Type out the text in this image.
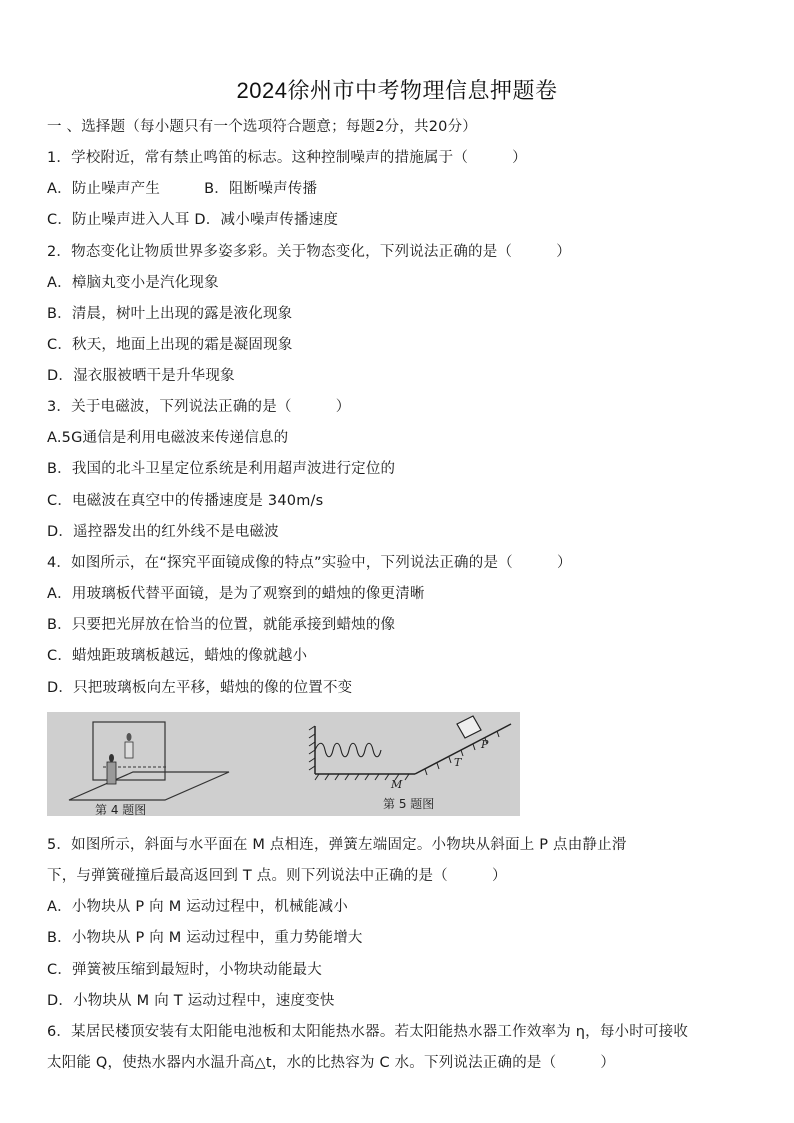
2024徐州市中考物理信息押题卷
一 、选择题（每小题只有一个选项符合题意；每题2分，共20分）
1．学校附近，常有禁止鸣笛的标志。这种控制噪声的措施属于（　　　）
A．防止噪声产生　　　B．阻断噪声传播
C．防止噪声进入人耳 D．减小噪声传播速度
2．物态变化让物质世界多姿多彩。关于物态变化，下列说法正确的是（　　　）
A．樟脑丸变小是汽化现象
B．清晨，树叶上出现的露是液化现象
C．秋天，地面上出现的霜是凝固现象
D．湿衣服被晒干是升华现象
3．关于电磁波，下列说法正确的是（　　　）
A.5G通信是利用电磁波来传递信息的
B．我国的北斗卫星定位系统是利用超声波进行定位的
C．电磁波在真空中的传播速度是 340m/s
D．遥控器发出的红外线不是电磁波
4．如图所示，在“探究平面镜成像的特点”实验中，下列说法正确的是（　　　）
A．用玻璃板代替平面镜，是为了观察到的蜡烛的像更清晰
B．只要把光屏放在恰当的位置，就能承接到蜡烛的像
C．蜡烛距玻璃板越远，蜡烛的像就越小
D．只把玻璃板向左平移，蜡烛的像的位置不变
第 4 题图
P
T
M
第 5 题图
5．如图所示，斜面与水平面在 M 点相连，弹簧左端固定。小物块从斜面上 P 点由静止滑
下，与弹簧碰撞后最高返回到 T 点。则下列说法中正确的是（　　　）
A．小物块从 P 向 M 运动过程中，机械能减小
B．小物块从 P 向 M 运动过程中，重力势能增大
C．弹簧被压缩到最短时，小物块动能最大
D．小物块从 M 向 T 运动过程中，速度变快
6．某居民楼顶安装有太阳能电池板和太阳能热水器。若太阳能热水器工作效率为 η，每小时可接收
太阳能 Q，使热水器内水温升高△t，水的比热容为 C 水。下列说法正确的是（　　　）
